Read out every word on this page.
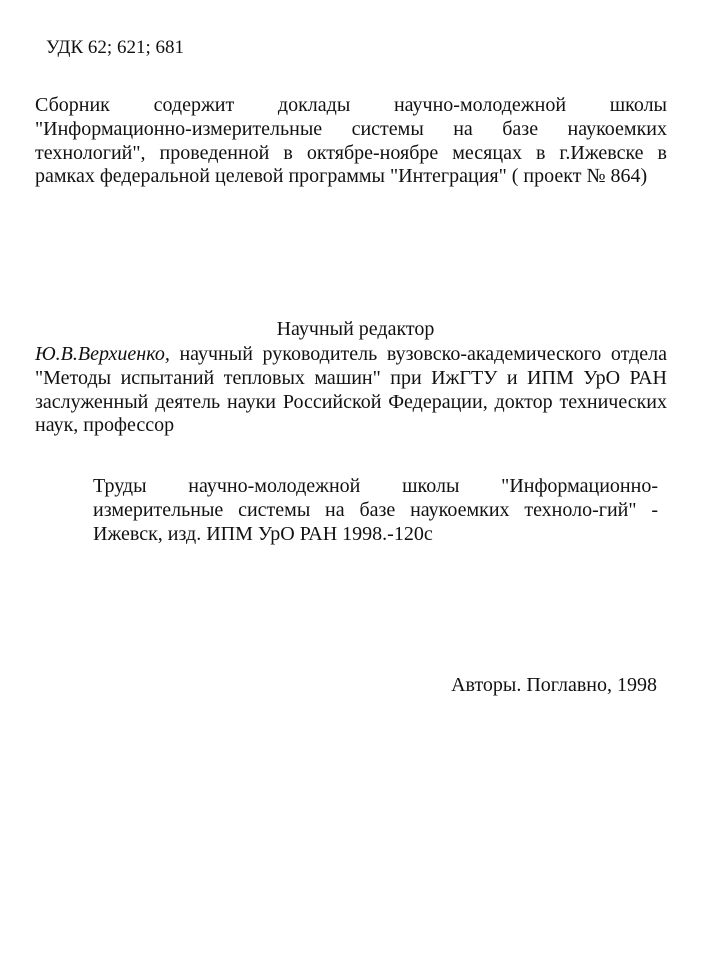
УДК 62; 621; 681
Сборник содержит доклады научно-молодежной школы "Информационно-измерительные системы на базе наукоемких технологий", проведенной в октябре-ноябре месяцах в г.Ижевске в рамках федеральной целевой программы "Интеграция" ( проект № 864)
Научный редактор
Ю.В.Верхиенко, научный руководитель вузовско-академического отдела "Методы испытаний тепловых машин" при ИжГТУ и ИПМ УрО РАН заслуженный деятель науки Российской Федерации, доктор технических наук, профессор
Труды научно-молодежной школы "Информационно-измерительные системы на базе наукоемких техноло-гий" - Ижевск, изд. ИПМ УрО РАН 1998.-120с
Авторы. Поглавно, 1998
